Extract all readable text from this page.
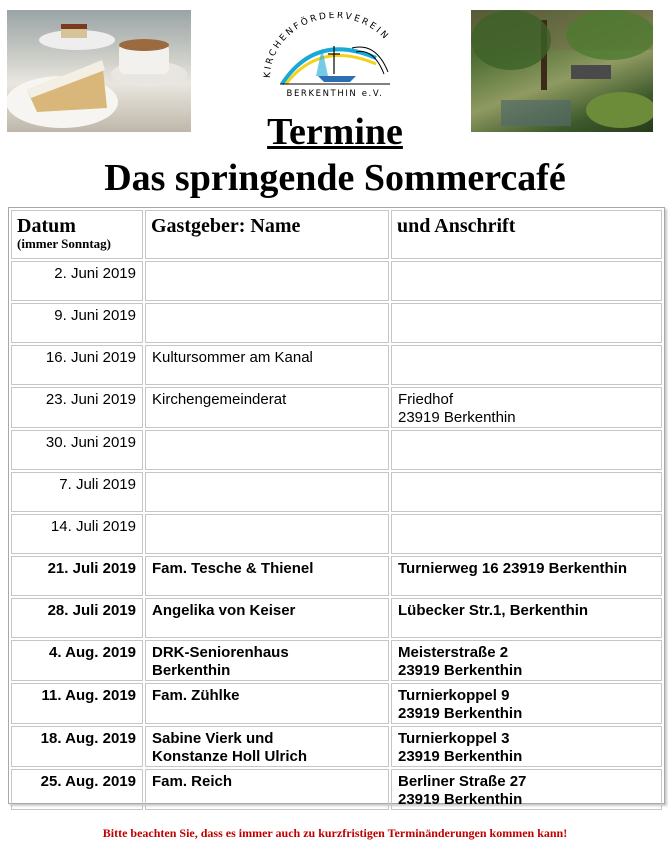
KIRCHENFÖRDERVEREIN
BERKENTHIN e.V.
Termine
Das springende Sommercafé
Datum
(immer Sonntag)	Gastgeber: Name	und Anschrift
2. Juni 2019		
9. Juni 2019		
16. Juni 2019	Kultursommer am Kanal	
23. Juni 2019	Kirchengemeinderat	Friedhof
23919 Berkenthin
30. Juni 2019		
7. Juli 2019		
14. Juli 2019		
21. Juli 2019	Fam. Tesche & Thienel	Turnierweg 16 23919 Berkenthin
28. Juli 2019	Angelika von Keiser	Lübecker Str.1, Berkenthin
4. Aug. 2019	DRK-Seniorenhaus
Berkenthin	Meisterstraße 2
23919 Berkenthin
11. Aug. 2019	Fam. Zühlke	Turnierkoppel 9
23919 Berkenthin
18. Aug. 2019	Sabine Vierk und
Konstanze Holl Ulrich	Turnierkoppel 3
23919 Berkenthin
25. Aug. 2019	Fam. Reich	Berliner Straße 27
23919 Berkenthin
Bitte beachten Sie, dass es immer auch zu kurzfristigen Terminänderungen kommen kann!
